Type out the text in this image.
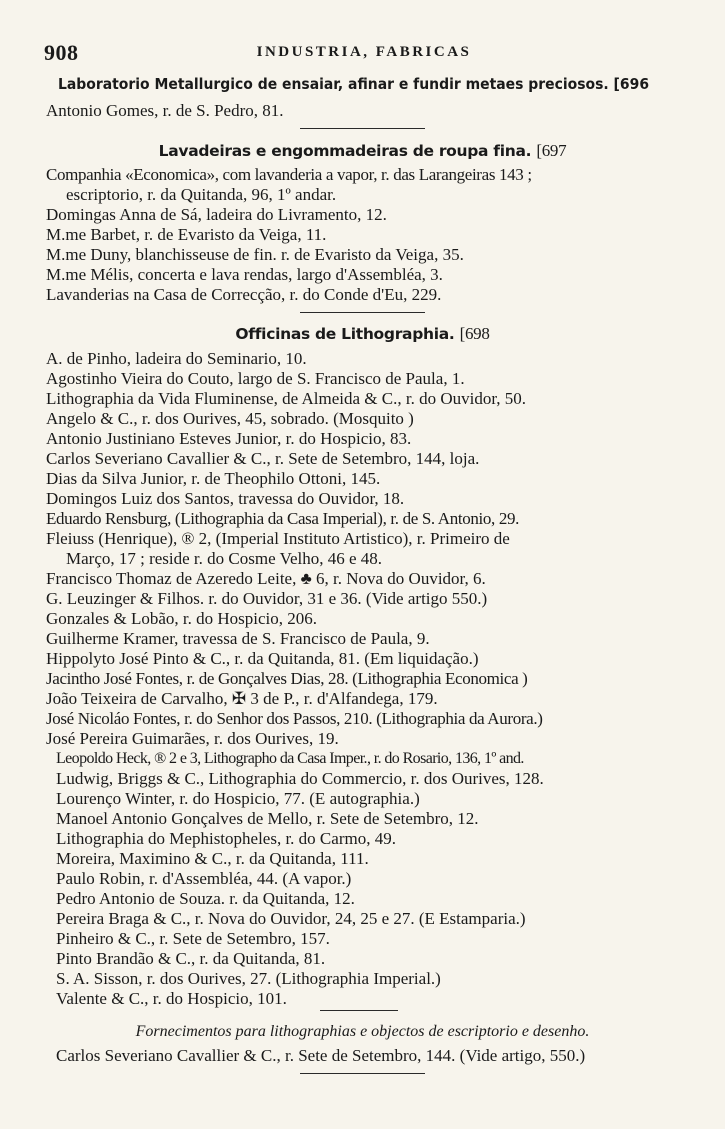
908	INDUSTRIA, FABRICAS
Laboratorio Metallurgico de ensaiar, afinar e fundir metaes preciosos. [696
Antonio Gomes, r. de S. Pedro, 81.
Lavadeiras e engommadeiras de roupa fina. [697
Companhia «Economica», com lavanderia a vapor, r. das Larangeiras 143 ;
escriptorio, r. da Quitanda, 96, 1º andar.
Domingas Anna de Sá, ladeira do Livramento, 12.
M.me Barbet, r. de Evaristo da Veiga, 11.
M.me Duny, blanchisseuse de fin. r. de Evaristo da Veiga, 35.
M.me Mélis, concerta e lava rendas, largo d'Assembléa, 3.
Lavanderias na Casa de Correcção, r. do Conde d'Eu, 229.
Officinas de Lithographia. [698
A. de Pinho, ladeira do Seminario, 10.
Agostinho Vieira do Couto, largo de S. Francisco de Paula, 1.
Lithographia da Vida Fluminense, de Almeida & C., r. do Ouvidor, 50.
Angelo & C., r. dos Ourives, 45, sobrado. (Mosquito )
Antonio Justiniano Esteves Junior, r. do Hospicio, 83.
Carlos Severiano Cavallier & C., r. Sete de Setembro, 144, loja.
Dias da Silva Junior, r. de Theophilo Ottoni, 145.
Domingos Luiz dos Santos, travessa do Ouvidor, 18.
Eduardo Rensburg, (Lithographia da Casa Imperial), r. de S. Antonio, 29.
Fleiuss (Henrique), ® 2, (Imperial Instituto Artistico), r. Primeiro de
Março, 17 ; reside r. do Cosme Velho, 46 e 48.
Francisco Thomaz de Azeredo Leite, ♣ 6, r. Nova do Ouvidor, 6.
G. Leuzinger & Filhos. r. do Ouvidor, 31 e 36. (Vide artigo 550.)
Gonzales & Lobão, r. do Hospicio, 206.
Guilherme Kramer, travessa de S. Francisco de Paula, 9.
Hippolyto José Pinto & C., r. da Quitanda, 81. (Em liquidação.)
Jacintho José Fontes, r. de Gonçalves Dias, 28. (Lithographia Economica )
João Teixeira de Carvalho, ✠ 3 de P., r. d'Alfandega, 179.
José Nicoláo Fontes, r. do Senhor dos Passos, 210. (Lithographia da Aurora.)
José Pereira Guimarães, r. dos Ourives, 19.
Leopoldo Heck, ® 2 e 3, Lithographo da Casa Imper., r. do Rosario, 136, 1º and.
Ludwig, Briggs & C., Lithographia do Commercio, r. dos Ourives, 128.
Lourenço Winter, r. do Hospicio, 77. (E autographia.)
Manoel Antonio Gonçalves de Mello, r. Sete de Setembro, 12.
Lithographia do Mephistopheles, r. do Carmo, 49.
Moreira, Maximino & C., r. da Quitanda, 111.
Paulo Robin, r. d'Assembléa, 44. (A vapor.)
Pedro Antonio de Souza. r. da Quitanda, 12.
Pereira Braga & C., r. Nova do Ouvidor, 24, 25 e 27. (E Estamparia.)
Pinheiro & C., r. Sete de Setembro, 157.
Pinto Brandão & C., r. da Quitanda, 81.
S. A. Sisson, r. dos Ourives, 27. (Lithographia Imperial.)
Valente & C., r. do Hospicio, 101.
Fornecimentos para lithographias e objectos de escriptorio e desenho.
Carlos Severiano Cavallier & C., r. Sete de Setembro, 144. (Vide artigo, 550.)
